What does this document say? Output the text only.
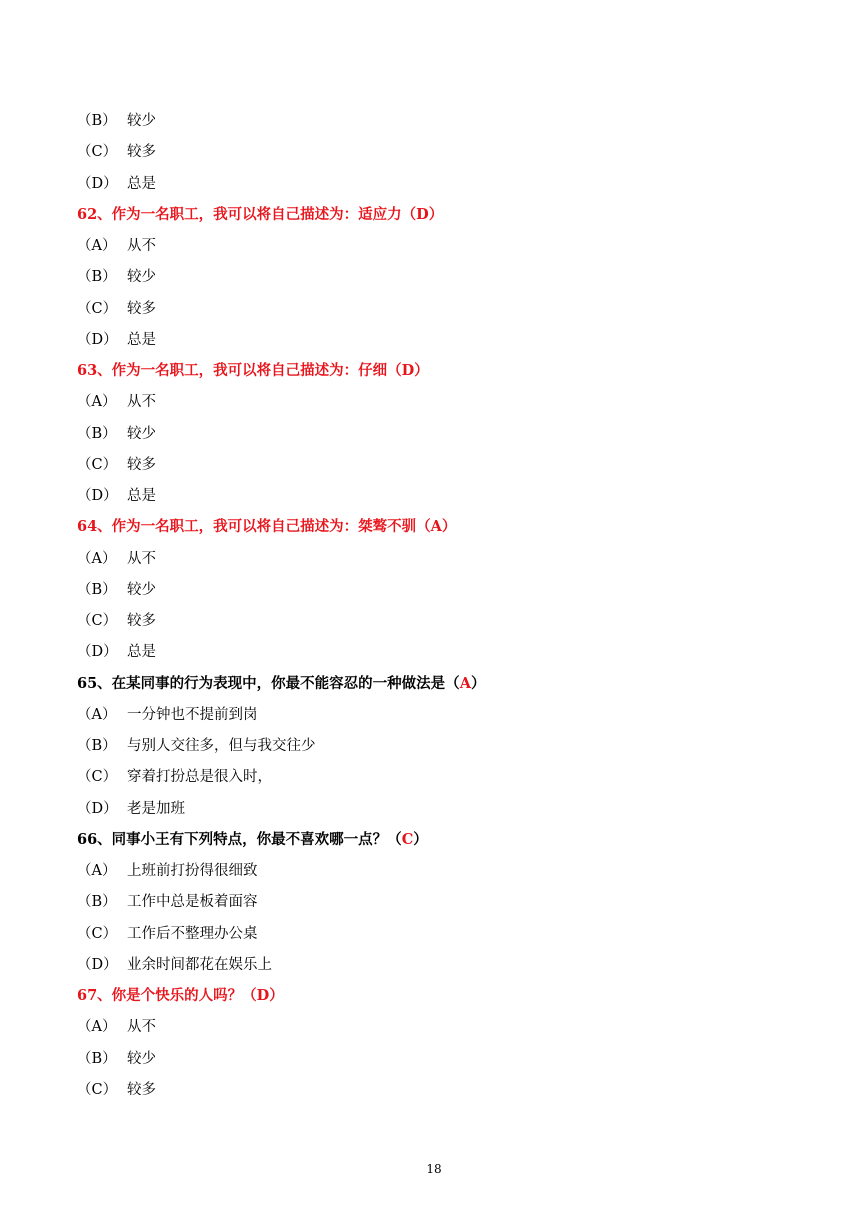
（B） 较少
（C） 较多
（D） 总是
62、作为一名职工，我可以将自己描述为：适应力（D）
（A） 从不
（B） 较少
（C） 较多
（D） 总是
63、作为一名职工，我可以将自己描述为：仔细（D）
（A） 从不
（B） 较少
（C） 较多
（D） 总是
64、作为一名职工，我可以将自己描述为：桀骜不驯（A）
（A） 从不
（B） 较少
（C） 较多
（D） 总是
65、在某同事的行为表现中，你最不能容忍的一种做法是（A）
（A） 一分钟也不提前到岗
（B） 与别人交往多，但与我交往少
（C） 穿着打扮总是很入时，
（D） 老是加班
66、同事小王有下列特点，你最不喜欢哪一点？（C）
（A） 上班前打扮得很细致
（B） 工作中总是板着面容
（C） 工作后不整理办公桌
（D） 业余时间都花在娱乐上
67、你是个快乐的人吗？（D）
（A） 从不
（B） 较少
（C） 较多
18
